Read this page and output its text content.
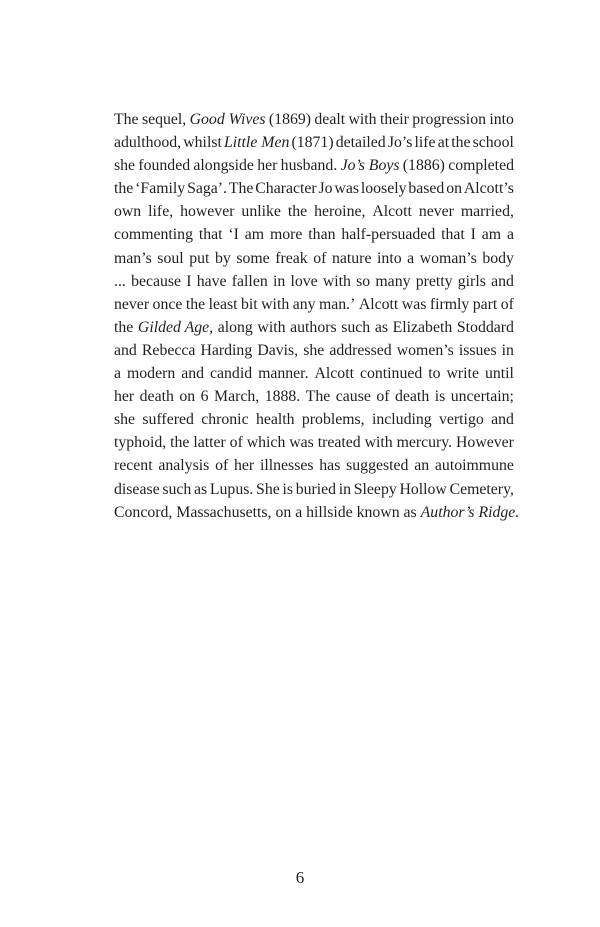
The sequel, Good Wives (1869) dealt with their progression into
adulthood, whilst Little Men (1871) detailed Jo’s life at the school
she founded alongside her husband. Jo’s Boys (1886) completed
the ‘Family Saga’. The Character Jo was loosely based on Alcott’s
own life, however unlike the heroine, Alcott never married,
commenting that ‘I am more than half-persuaded that I am a
man’s soul put by some freak of nature into a woman’s body
... because I have fallen in love with so many pretty girls and
never once the least bit with any man.’ Alcott was firmly part of
the Gilded Age, along with authors such as Elizabeth Stoddard
and Rebecca Harding Davis, she addressed women’s issues in
a modern and candid manner. Alcott continued to write until
her death on 6 March, 1888. The cause of death is uncertain;
she suffered chronic health problems, including vertigo and
typhoid, the latter of which was treated with mercury. However
recent analysis of her illnesses has suggested an autoimmune
disease such as Lupus. She is buried in Sleepy Hollow Cemetery,
Concord, Massachusetts, on a hillside known as Author’s Ridge.
6
